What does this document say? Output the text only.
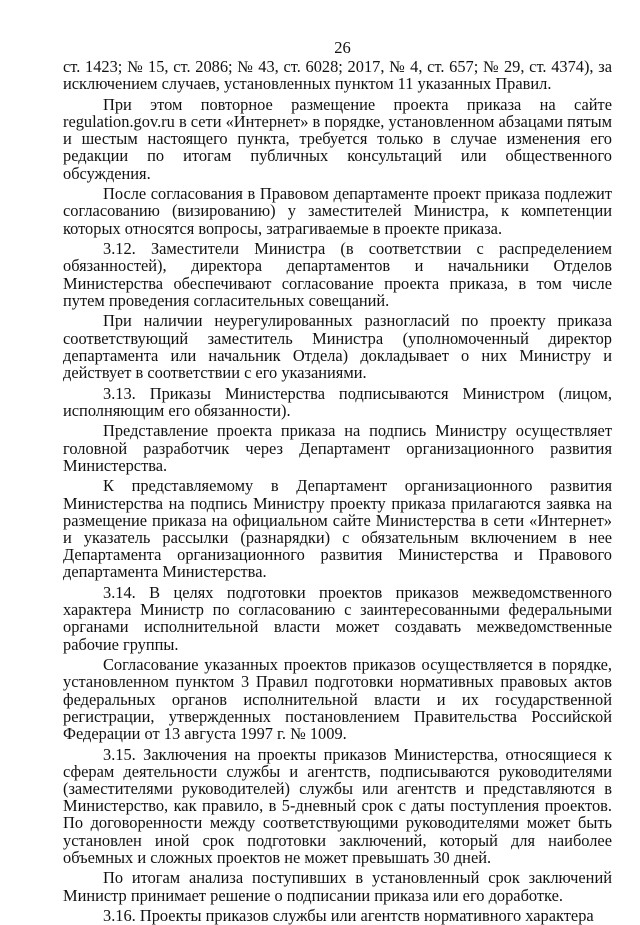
26

ст. 1423; № 15, ст. 2086; № 43, ст. 6028; 2017, № 4, ст. 657; № 29, ст. 4374), за исключением случаев, установленных пунктом 11 указанных Правил.

При этом повторное размещение проекта приказа на сайте regulation.gov.ru в сети «Интернет» в порядке, установленном абзацами пятым и шестым настоящего пункта, требуется только в случае изменения его редакции по итогам публичных консультаций или общественного обсуждения.

После согласования в Правовом департаменте проект приказа подлежит согласованию (визированию) у заместителей Министра, к компетенции которых относятся вопросы, затрагиваемые в проекте приказа.

3.12. Заместители Министра (в соответствии с распределением обязанностей), директора департаментов и начальники Отделов Министерства обеспечивают согласование проекта приказа, в том числе путем проведения согласительных совещаний.

При наличии неурегулированных разногласий по проекту приказа соответствующий заместитель Министра (уполномоченный директор департамента или начальник Отдела) докладывает о них Министру и действует в соответствии с его указаниями.

3.13. Приказы Министерства подписываются Министром (лицом, исполняющим его обязанности).

Представление проекта приказа на подпись Министру осуществляет головной разработчик через Департамент организационного развития Министерства.

К представляемому в Департамент организационного развития Министерства на подпись Министру проекту приказа прилагаются заявка на размещение приказа на официальном сайте Министерства в сети «Интернет» и указатель рассылки (разнарядки) с обязательным включением в нее Департамента организационного развития Министерства и Правового департамента Министерства.

3.14. В целях подготовки проектов приказов межведомственного характера Министр по согласованию с заинтересованными федеральными органами исполнительной власти может создавать межведомственные рабочие группы.

Согласование указанных проектов приказов осуществляется в порядке, установленном пунктом 3 Правил подготовки нормативных правовых актов федеральных органов исполнительной власти и их государственной регистрации, утвержденных постановлением Правительства Российской Федерации от 13 августа 1997 г. № 1009.

3.15. Заключения на проекты приказов Министерства, относящиеся к сферам деятельности службы и агентств, подписываются руководителями (заместителями руководителей) службы или агентств и представляются в Министерство, как правило, в 5-дневный срок с даты поступления проектов. По договоренности между соответствующими руководителями может быть установлен иной срок подготовки заключений, который для наиболее объемных и сложных проектов не может превышать 30 дней.

По итогам анализа поступивших в установленный срок заключений Министр принимает решение о подписании приказа или его доработке.

3.16. Проекты приказов службы или агентств нормативного характера
